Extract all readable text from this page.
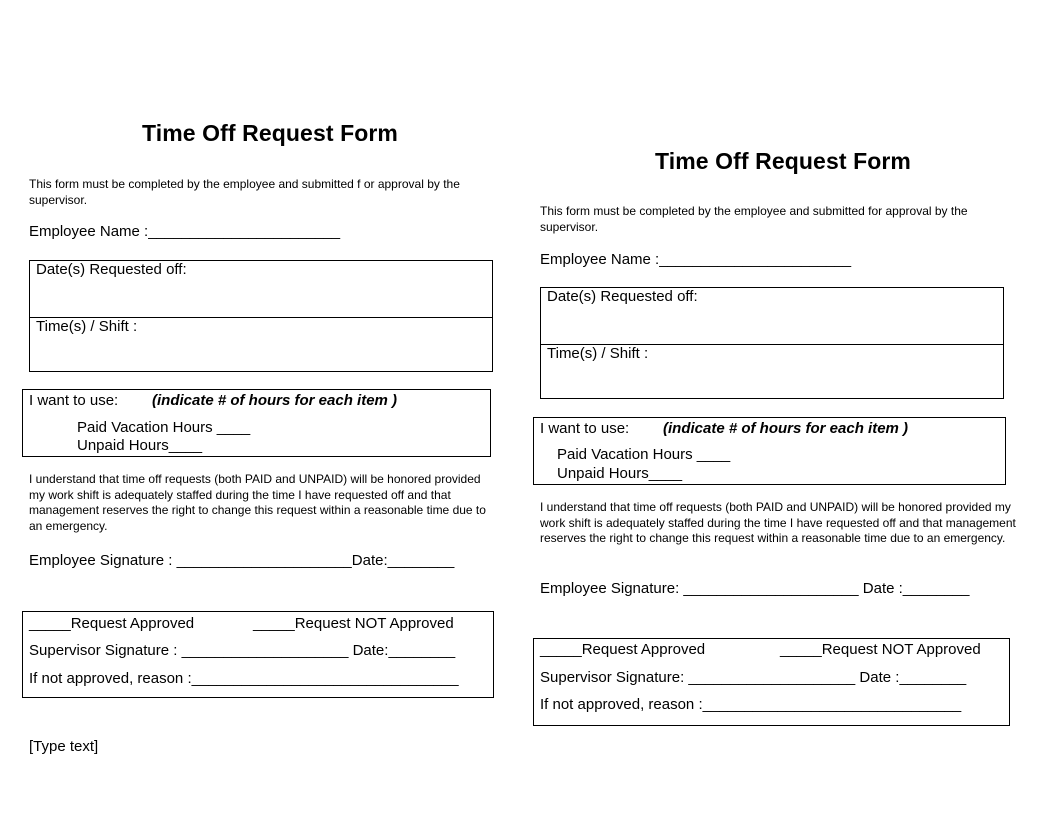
Time Off Request Form
This form must be completed by the employee and submitted f or approval by the supervisor.
Employee Name :_______________________
Date(s) Requested off:
Time(s) / Shift :
I want to use: (indicate # of hours for each item )
Paid Vacation Hours ____
Unpaid Hours____
I understand that time off requests (both PAID and UNPAID) will be honored provided my work shift is adequately staffed during the time I have requested off and that management reserves the right to change this request within a reasonable time due to an emergency.
Employee Signature : _____________________Date:________
_____Request Approved	_____Request NOT Approved
Supervisor Signature : ____________________ Date:________
If not approved, reason :________________________________
[Type text]
Time Off Request Form
This form must be completed by the employee and submitted for approval by the supervisor.
Employee Name :_______________________
Date(s) Requested off:
Time(s) / Shift :
I want to use: (indicate # of hours for each item )
Paid Vacation Hours ____
Unpaid Hours____
I understand that time off requests (both PAID and UNPAID) will be honored provided my work shift is adequately staffed during the time I have requested off and that management reserves the right to change this request within a reasonable time due to an emergency.
Employee Signature: _____________________ Date :________
_____Request Approved	_____Request NOT Approved
Supervisor Signature: ____________________ Date :________
If not approved, reason :_______________________________
